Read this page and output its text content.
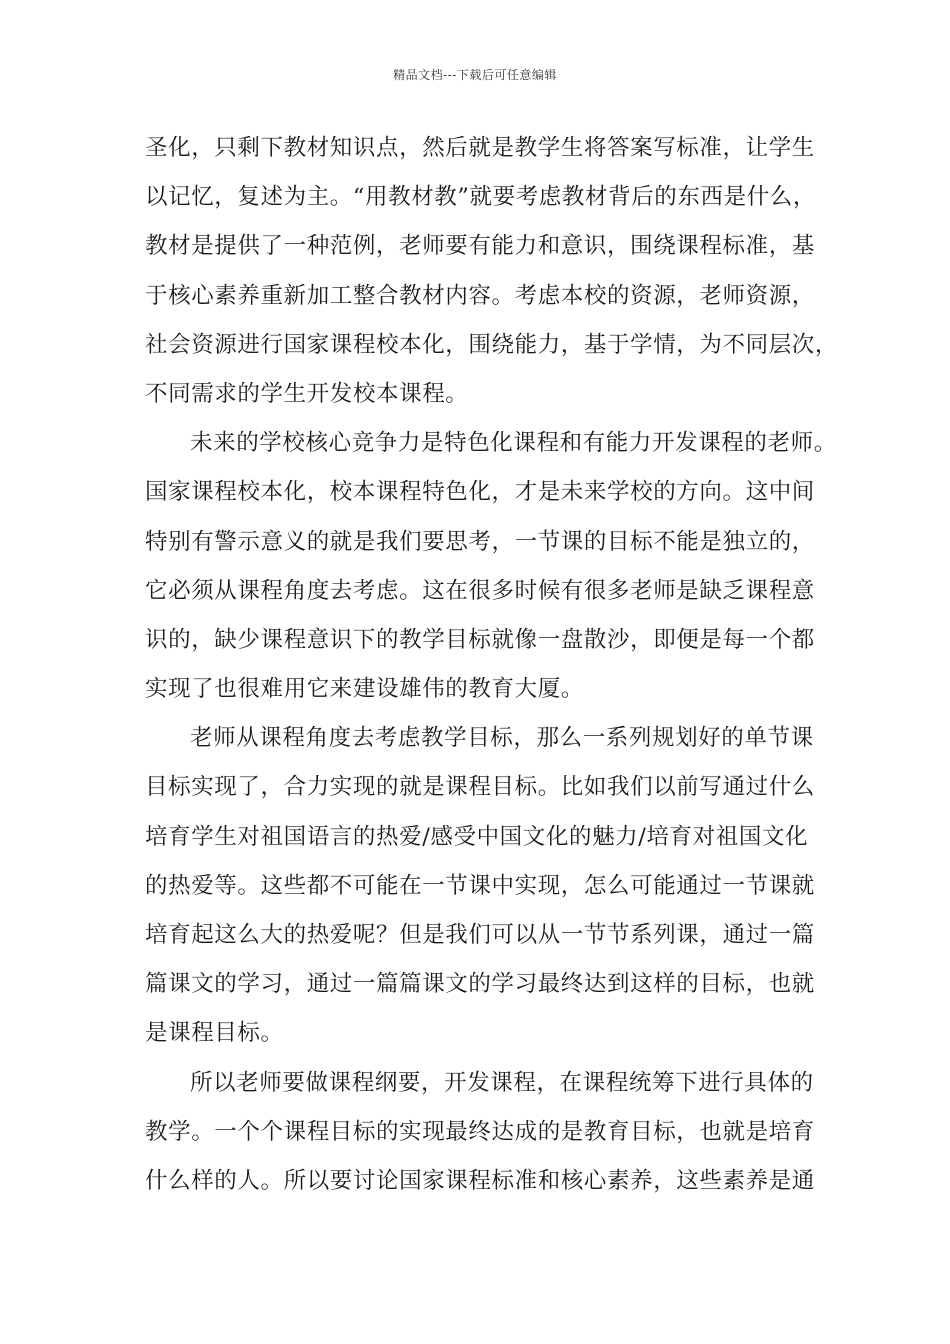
精品文档---下载后可任意编辑
圣化，只剩下教材知识点，然后就是教学生将答案写标准，让学生
以记忆，复述为主。“用教材教”就要考虑教材背后的东西是什么，
教材是提供了一种范例，老师要有能力和意识，围绕课程标准，基
于核心素养重新加工整合教材内容。考虑本校的资源，老师资源，
社会资源进行国家课程校本化，围绕能力，基于学情，为不同层次，
不同需求的学生开发校本课程。
未来的学校核心竞争力是特色化课程和有能力开发课程的老师。
国家课程校本化，校本课程特色化，才是未来学校的方向。这中间
特别有警示意义的就是我们要思考，一节课的目标不能是独立的，
它必须从课程角度去考虑。这在很多时候有很多老师是缺乏课程意
识的，缺少课程意识下的教学目标就像一盘散沙，即便是每一个都
实现了也很难用它来建设雄伟的教育大厦。
老师从课程角度去考虑教学目标，那么一系列规划好的单节课
目标实现了，合力实现的就是课程目标。比如我们以前写通过什么
培育学生对祖国语言的热爱/感受中国文化的魅力/培育对祖国文化
的热爱等。这些都不可能在一节课中实现，怎么可能通过一节课就
培育起这么大的热爱呢？但是我们可以从一节节系列课，通过一篇
篇课文的学习，通过一篇篇课文的学习最终达到这样的目标，也就
是课程目标。
所以老师要做课程纲要，开发课程，在课程统筹下进行具体的
教学。一个个课程目标的实现最终达成的是教育目标，也就是培育
什么样的人。所以要讨论国家课程标准和核心素养，这些素养是通
